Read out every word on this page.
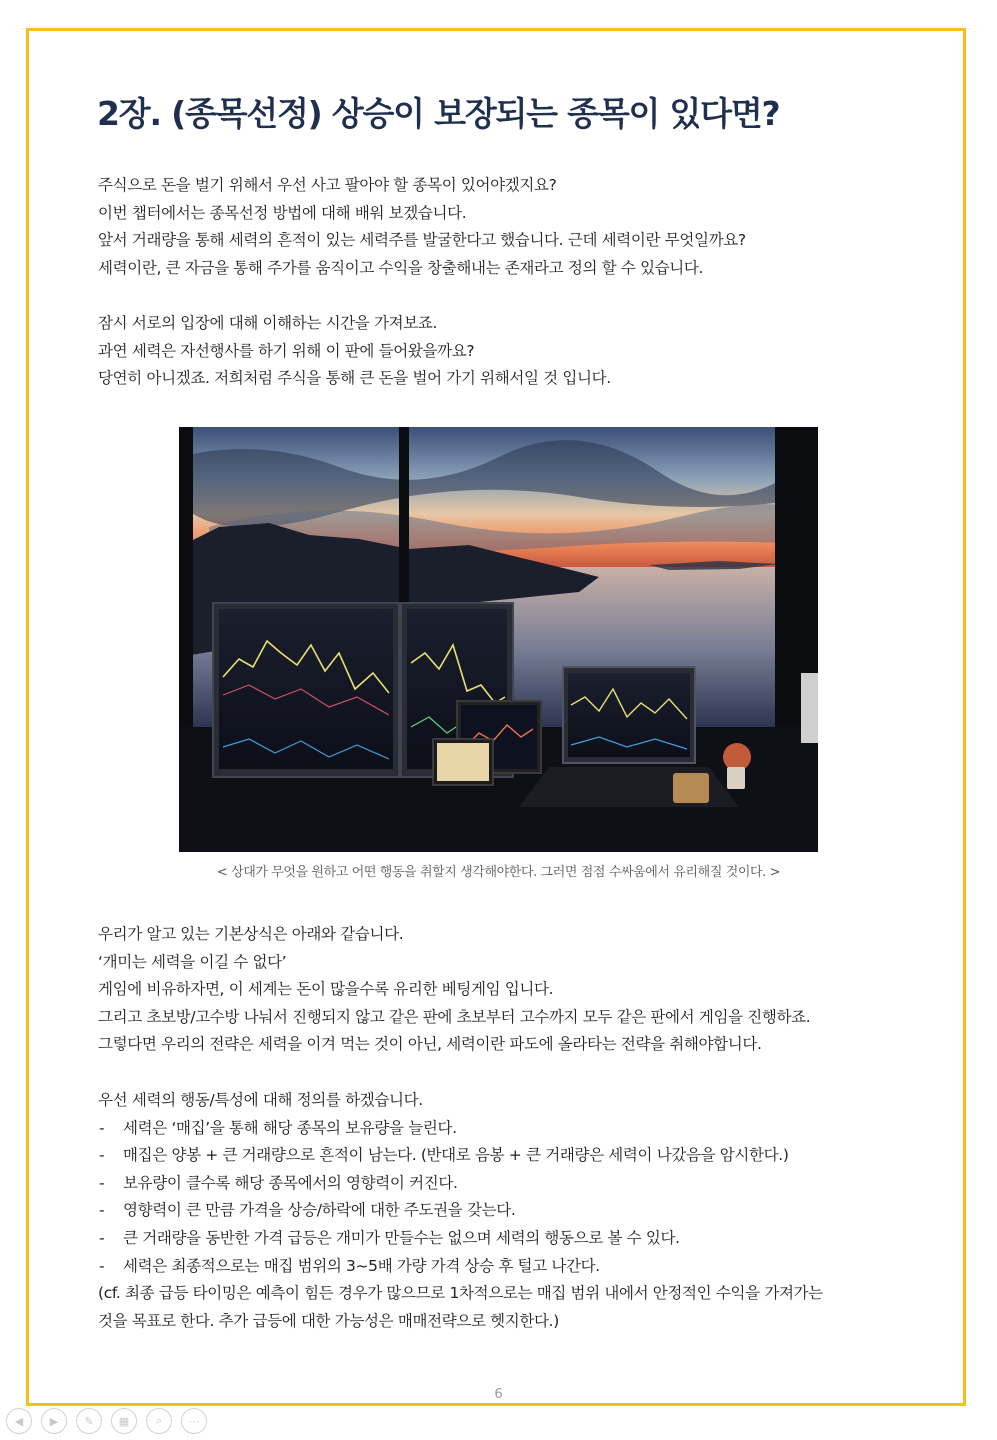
2장. (종목선정) 상승이 보장되는 종목이 있다면?
주식으로 돈을 벌기 위해서 우선 사고 팔아야 할 종목이 있어야겠지요?
이번 챕터에서는 종목선정 방법에 대해 배워 보겠습니다.
앞서 거래량을 통해 세력의 흔적이 있는 세력주를 발굴한다고 했습니다. 근데 세력이란 무엇일까요?
세력이란, 큰 자금을 통해 주가를 움직이고 수익을 창출해내는 존재라고 정의 할 수 있습니다.
잠시 서로의 입장에 대해 이해하는 시간을 가져보죠.
과연 세력은 자선행사를 하기 위해 이 판에 들어왔을까요?
당연히 아니겠죠. 저희처럼 주식을 통해 큰 돈을 벌어 가기 위해서일 것 입니다.
< 상대가 무엇을 원하고 어떤 행동을 취할지 생각해야한다. 그러면 점점 수싸움에서 유리해질 것이다. >
우리가 알고 있는 기본상식은 아래와 같습니다.
‘개미는 세력을 이길 수 없다’
게임에 비유하자면, 이 세계는 돈이 많을수록 유리한 베팅게임 입니다.
그리고 초보방/고수방 나눠서 진행되지 않고 같은 판에 초보부터 고수까지 모두 같은 판에서 게임을 진행하죠.
그렇다면 우리의 전략은 세력을 이겨 먹는 것이 아닌, 세력이란 파도에 올라타는 전략을 취해야합니다.
우선 세력의 행동/특성에 대해 정의를 하겠습니다.
- 세력은 ‘매집’을 통해 해당 종목의 보유량을 늘린다.
- 매집은 양봉 + 큰 거래량으로 흔적이 남는다. (반대로 음봉 + 큰 거래량은 세력이 나갔음을 암시한다.)
- 보유량이 클수록 해당 종목에서의 영향력이 커진다.
- 영향력이 큰 만큼 가격을 상승/하락에 대한 주도권을 갖는다.
- 큰 거래량을 동반한 가격 급등은 개미가 만들수는 없으며 세력의 행동으로 볼 수 있다.
- 세력은 최종적으로는 매집 범위의 3~5배 가량 가격 상승 후 털고 나간다.
(cf. 최종 급등 타이밍은 예측이 힘든 경우가 많으므로 1차적으로는 매집 범위 내에서 안정적인 수익을 가져가는
것을 목표로 한다. 추가 급등에 대한 가능성은 매매전략으로 헷지한다.)
6
◀	▶	✎	▦	⌕	⋯
